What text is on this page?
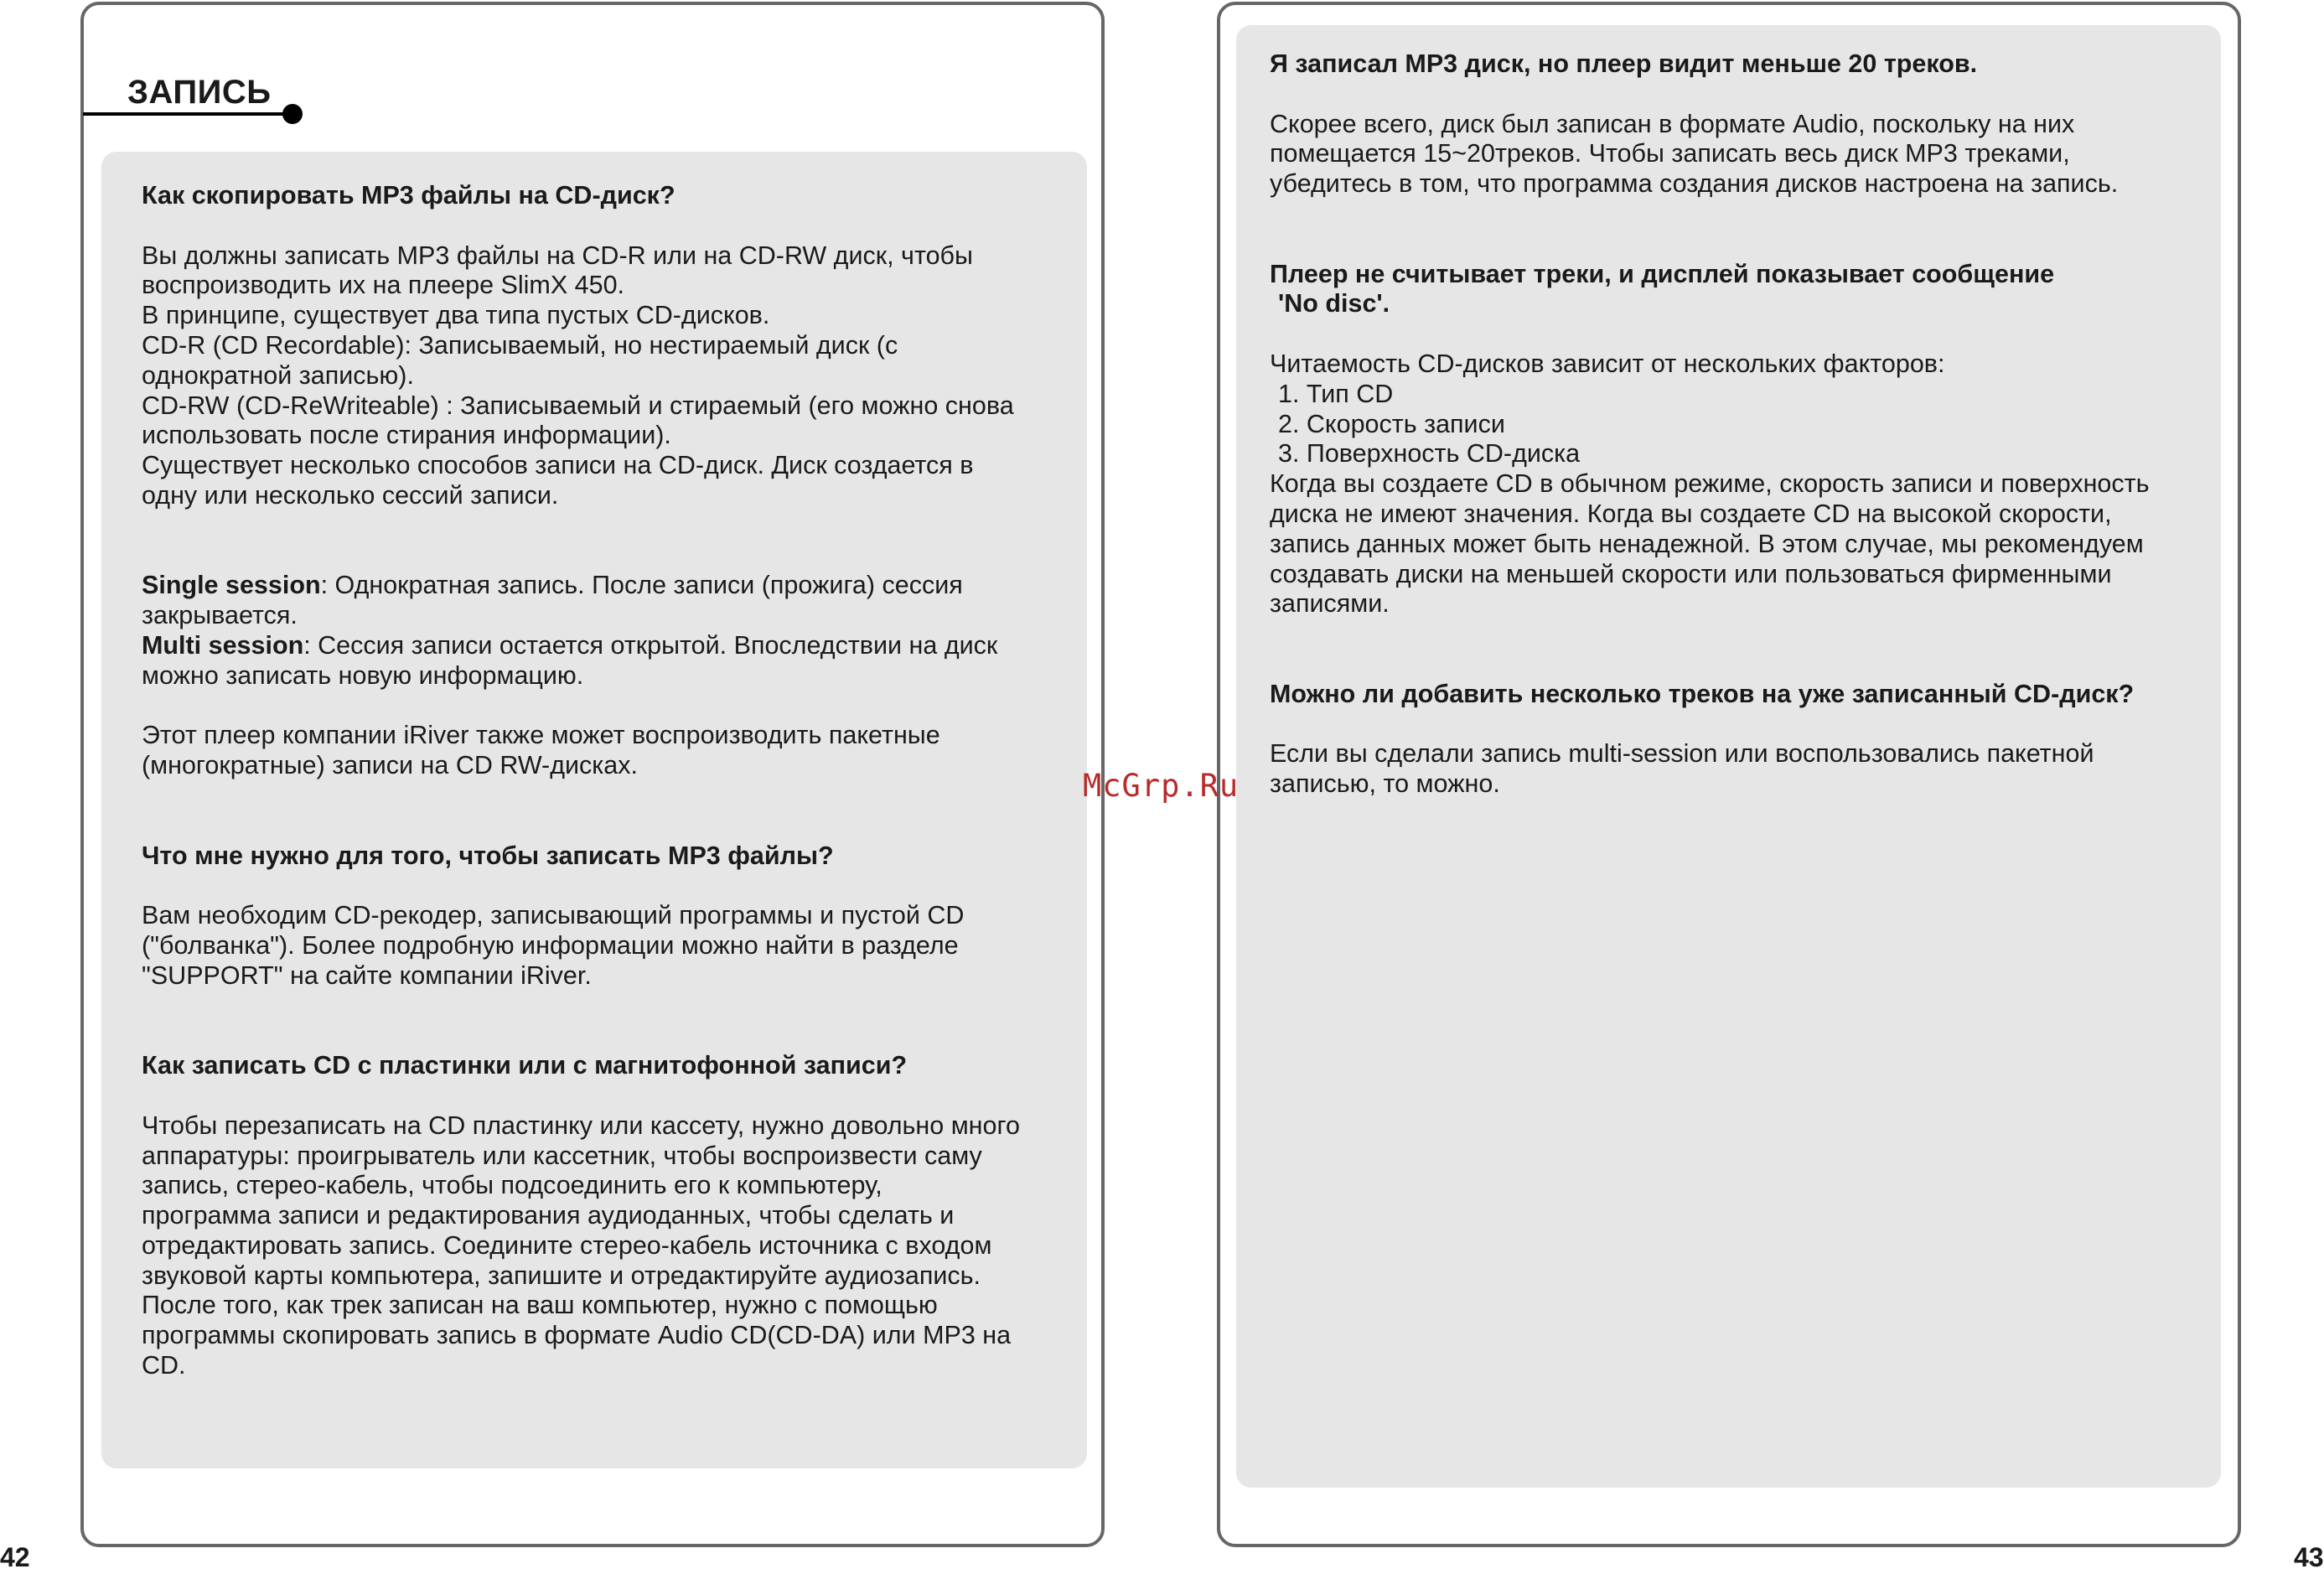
ЗАПИСЬ

Как скопировать MP3 файлы на CD-диск?

Вы должны записать MP3 файлы на CD-R или на CD-RW диск, чтобы

воспроизводить их на плеере SlimX 450.

В принципе, существует два типа пустых CD-дисков.

CD-R (CD Recordable): Записываемый, но нестираемый диск (с

однократной записью).

CD-RW (CD-ReWriteable) : Записываемый и стираемый (его можно снова

использовать после стирания информации).

Существует несколько способов записи на CD-диск. Диск создается в

одну или несколько сессий записи.

Single session: Однократная запись. После записи (прожига) сессия

закрывается.

Multi session: Сессия записи остается открытой. Впоследствии на диск

можно записать новую информацию.

Этот плеер компании iRiver также может воспроизводить пакетные

(многократные) записи на CD RW-дисках.

Что мне нужно для того, чтобы записать MP3 файлы?

Вам необходим CD-рекодер, записывающий программы и пустой CD

("болванка"). Более подробную информации можно найти в разделе

"SUPPORT" на сайте компании iRiver.

Как записать CD с пластинки или с магнитофонной записи?

Чтобы перезаписать на CD пластинку или кассету, нужно довольно много

аппаратуры: проигрыватель или кассетник, чтобы воспроизвести саму

запись, стерео-кабель, чтобы подсоединить его к компьютеру,

программа записи и редактирования аудиоданных, чтобы сделать и

отредактировать запись. Соедините стерео-кабель источника с входом

звуковой карты компьютера, запишите и отредактируйте аудиозапись.

После того, как трек записан на ваш компьютер, нужно с помощью

программы скопировать запись в формате Audio CD(CD-DA) или MP3 на

CD.

Я записал MP3 диск, но плеер видит меньше 20 треков.

Скорее всего, диск был записан в формате Audio, поскольку на них

помещается 15~20треков. Чтобы записать весь диск MP3 треками,

убедитесь в том, что программа создания дисков настроена на запись.

Плеер не считывает треки, и дисплей показывает сообщение

'No disc'.

Читаемость CD-дисков зависит от нескольких факторов:

1. Тип CD

2. Скорость записи

3. Поверхность CD-диска

Когда вы создаете CD в обычном режиме, скорость записи и поверхность

диска не имеют значения. Когда вы создаете CD на высокой скорости,

запись данных может быть ненадежной. В этом случае, мы рекомендуем

создавать диски на меньшей скорости или пользоваться фирменными

записями.

Можно ли добавить несколько треков на уже записанный CD-диск?

Если вы сделали запись multi-session или воспользовались пакетной

записью, то можно.

42	43

McGrp.Ru
